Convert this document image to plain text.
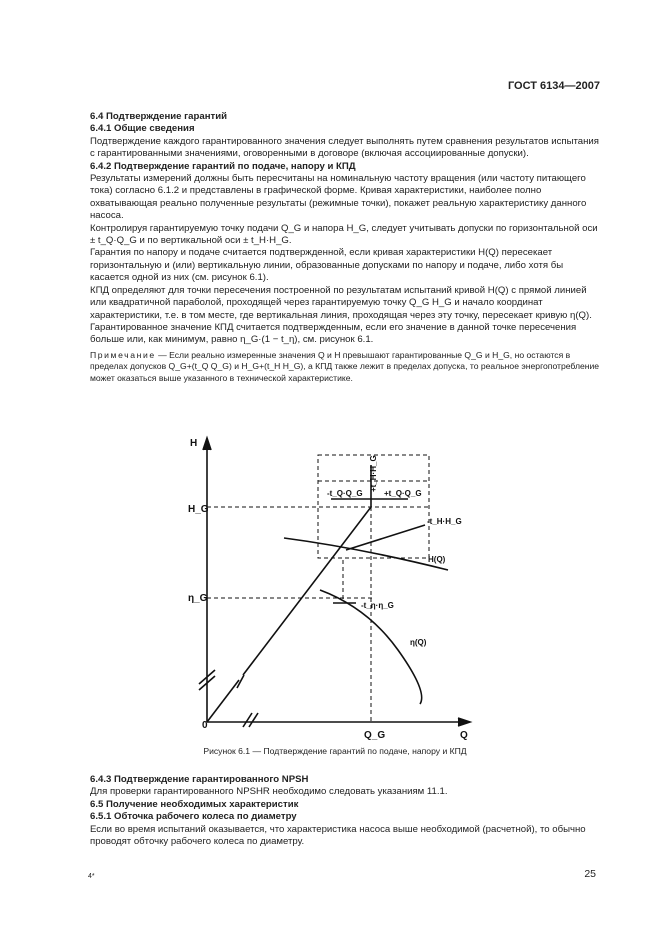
ГОСТ 6134—2007

6.4 Подтверждение гарантий

6.4.1 Общие сведения

Подтверждение каждого гарантированного значения следует выполнять путем сравнения результатов испытания с гарантированными значениями, оговоренными в договоре (включая ассоциированные допуски).

6.4.2 Подтверждение гарантий по подаче, напору и КПД

Результаты измерений должны быть пересчитаны на номинальную частоту вращения (или частоту питающего тока) согласно 6.1.2 и представлены в графической форме. Кривая характеристики, наиболее полно охватывающая реально полученные результаты (режимные точки), покажет реальную характеристику данного насоса.

Контролируя гарантируемую точку подачи Q_G и напора H_G, следует учитывать допуски по горизонтальной оси ± t_Q·Q_G и по вертикальной оси ± t_H·H_G.

Гарантия по напору и подаче считается подтвержденной, если кривая характеристики H(Q) пересекает горизонтальную и (или) вертикальную линии, образованные допусками по напору и подаче, либо хотя бы касается одной из них (см. рисунок 6.1).

КПД определяют для точки пересечения построенной по результатам испытаний кривой H(Q) с прямой линией или квадратичной параболой, проходящей через гарантируемую точку Q_G H_G и начало координат характеристики, т.е. в том месте, где вертикальная линия, проходящая через эту точку, пересекает кривую η(Q).

Гарантированное значение КПД считается подтвержденным, если его значение в данной точке пересечения больше или, как минимум, равно η_G·(1 − t_η), см. рисунок 6.1.

Примечание — Если реально измеренные значения Q и H превышают гарантированные Q_G и H_G, но остаются в пределах допусков Q_G+(t_Q Q_G) и H_G+(t_H H_G), а КПД также лежит в пределах допуска, то реальное энергопотребление может оказаться выше указанного в технической характеристике.

H
Q
0
H_G
η_G
Q_G
-t_Q·Q_G	+t_Q·Q_G
+t_H·H_G
-t_H·H_G
-t_η·η_G
H(Q)
η(Q)
Рисунок 6.1 — Подтверждение гарантий по подаче, напору и КПД

6.4.3 Подтверждение гарантированного NPSH

Для проверки гарантированного NPSHR необходимо следовать указаниям 11.1.

6.5 Получение необходимых характеристик

6.5.1 Обточка рабочего колеса по диаметру

Если во время испытаний оказывается, что характеристика насоса выше необходимой (расчетной), то обычно проводят обточку рабочего колеса по диаметру.

4*	25
